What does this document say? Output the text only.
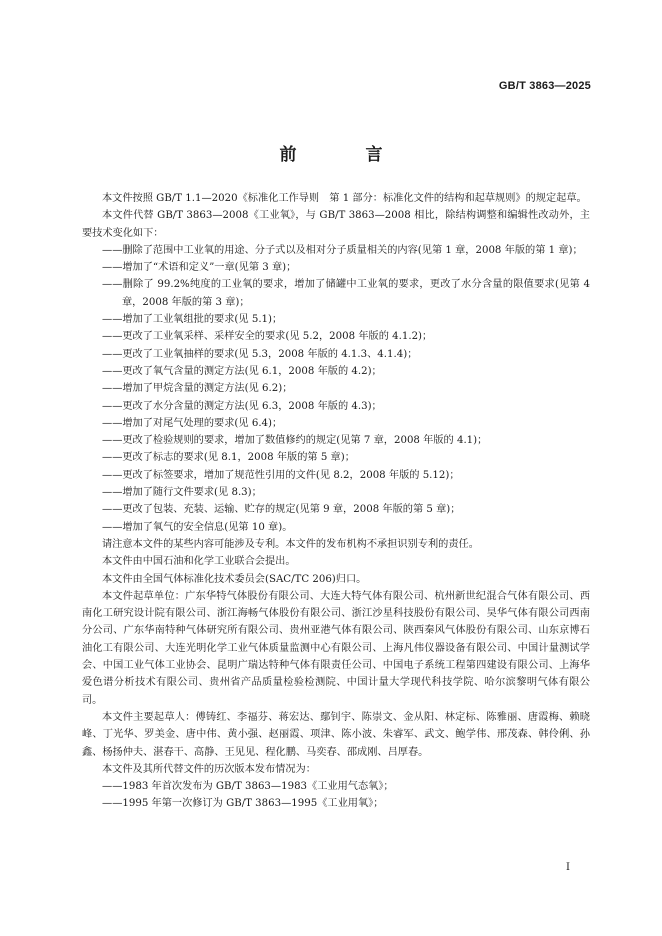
GB/T 3863—2025
前　言

本文件按照 GB/T 1.1—2020《标准化工作导则　第 1 部分：标准化文件的结构和起草规则》的规定起草。

本文件代替 GB/T 3863—2008《工业氧》，与 GB/T 3863—2008 相比，除结构调整和编辑性改动外，主要技术变化如下：

——删除了范围中工业氧的用途、分子式以及相对分子质量相关的内容(见第 1 章，2008 年版的第 1 章)；

——增加了“术语和定义”一章(见第 3 章)；

——删除了 99.2%纯度的工业氧的要求，增加了储罐中工业氧的要求，更改了水分含量的限值要求(见第 4 章，2008 年版的第 3 章)；

——增加了工业氧组批的要求(见 5.1)；

——更改了工业氧采样、采样安全的要求(见 5.2，2008 年版的 4.1.2)；

——更改了工业氧抽样的要求(见 5.3，2008 年版的 4.1.3、4.1.4)；

——更改了氧气含量的测定方法(见 6.1，2008 年版的 4.2)；

——增加了甲烷含量的测定方法(见 6.2)；

——更改了水分含量的测定方法(见 6.3，2008 年版的 4.3)；

——增加了对尾气处理的要求(见 6.4)；

——更改了检验规则的要求，增加了数值修约的规定(见第 7 章，2008 年版的 4.1)；

——更改了标志的要求(见 8.1，2008 年版的第 5 章)；

——更改了标签要求，增加了规范性引用的文件(见 8.2，2008 年版的 5.12)；

——增加了随行文件要求(见 8.3)；

——更改了包装、充装、运输、贮存的规定(见第 9 章，2008 年版的第 5 章)；

——增加了氧气的安全信息(见第 10 章)。

请注意本文件的某些内容可能涉及专利。本文件的发布机构不承担识别专利的责任。

本文件由中国石油和化学工业联合会提出。

本文件由全国气体标准化技术委员会(SAC/TC 206)归口。

本文件起草单位：广东华特气体股份有限公司、大连大特气体有限公司、杭州新世纪混合气体有限公司、西南化工研究设计院有限公司、浙江海畅气体股份有限公司、浙江沙星科技股份有限公司、昊华气体有限公司西南分公司、广东华南特种气体研究所有限公司、贵州亚港气体有限公司、陕西秦风气体股份有限公司、山东京博石油化工有限公司、大连光明化学工业气体质量监测中心有限公司、上海凡伟仪器设备有限公司、中国计量测试学会、中国工业气体工业协会、昆明广瑞达特种气体有限责任公司、中国电子系统工程第四建设有限公司、上海华爱色谱分析技术有限公司、贵州省产品质量检验检测院、中国计量大学现代科技学院、哈尔滨黎明气体有限公司。

本文件主要起草人：傅铸红、李福芬、蒋宏达、鄢钊宇、陈崇文、金从阳、林定标、陈雅丽、唐霞梅、赖晓峰、丁光华、罗美金、唐中伟、黄小强、赵丽霞、项津、陈小波、朱睿军、武文、鲍学伟、邢茂森、韩伶俐、孙鑫、杨扬仲夫、湛春干、高静、王见见、程化鹏、马奕春、邵成刚、吕厚春。

本文件及其所代替文件的历次版本发布情况为：

——1983 年首次发布为 GB/T 3863—1983《工业用气态氧》；

——1995 年第一次修订为 GB/T 3863—1995《工业用氧》；

I
